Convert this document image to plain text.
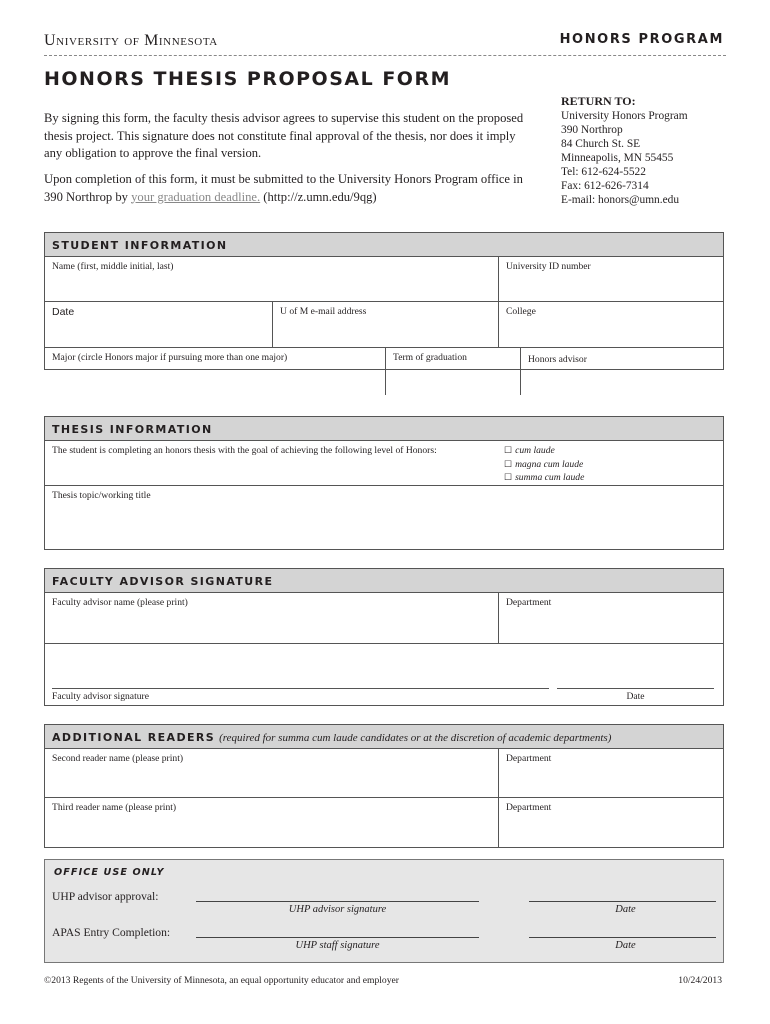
University of Minnesota	HONORS PROGRAM
HONORS THESIS PROPOSAL FORM
By signing this form, the faculty thesis advisor agrees to supervise this student on the proposed thesis project. This signature does not constitute final approval of the thesis, nor does it imply any obligation to approve the final version.
Upon completion of this form, it must be submitted to the University Honors Program office in 390 Northrop by your graduation deadline. (http://z.umn.edu/9qg)
RETURN TO:
University Honors Program
390 Northrop
84 Church St. SE
Minneapolis, MN 55455
Tel: 612-624-5522
Fax: 612-626-7314
E-mail: honors@umn.edu
STUDENT INFORMATION
Name (first, middle initial, last)	University ID number
Date	U of M e-mail address	College
Major (circle Honors major if pursuing more than one major)	Term of graduation	Honors advisor
THESIS INFORMATION
The student is completing an honors thesis with the goal of achieving the following level of Honors:	☐ cum laude
☐ magna cum laude
☐ summa cum laude
Thesis topic/working title
FACULTY ADVISOR SIGNATURE
Faculty advisor name (please print)	Department
Faculty advisor signature	Date
ADDITIONAL READERS (required for summa cum laude candidates or at the discretion of academic departments)
Second reader name (please print)	Department
Third reader name (please print)	Department
OFFICE USE ONLY
UHP advisor approval:
UHP advisor signature	Date
APAS Entry Completion:
UHP staff signature	Date
©2013 Regents of the University of Minnesota, an equal opportunity educator and employer	10/24/2013
